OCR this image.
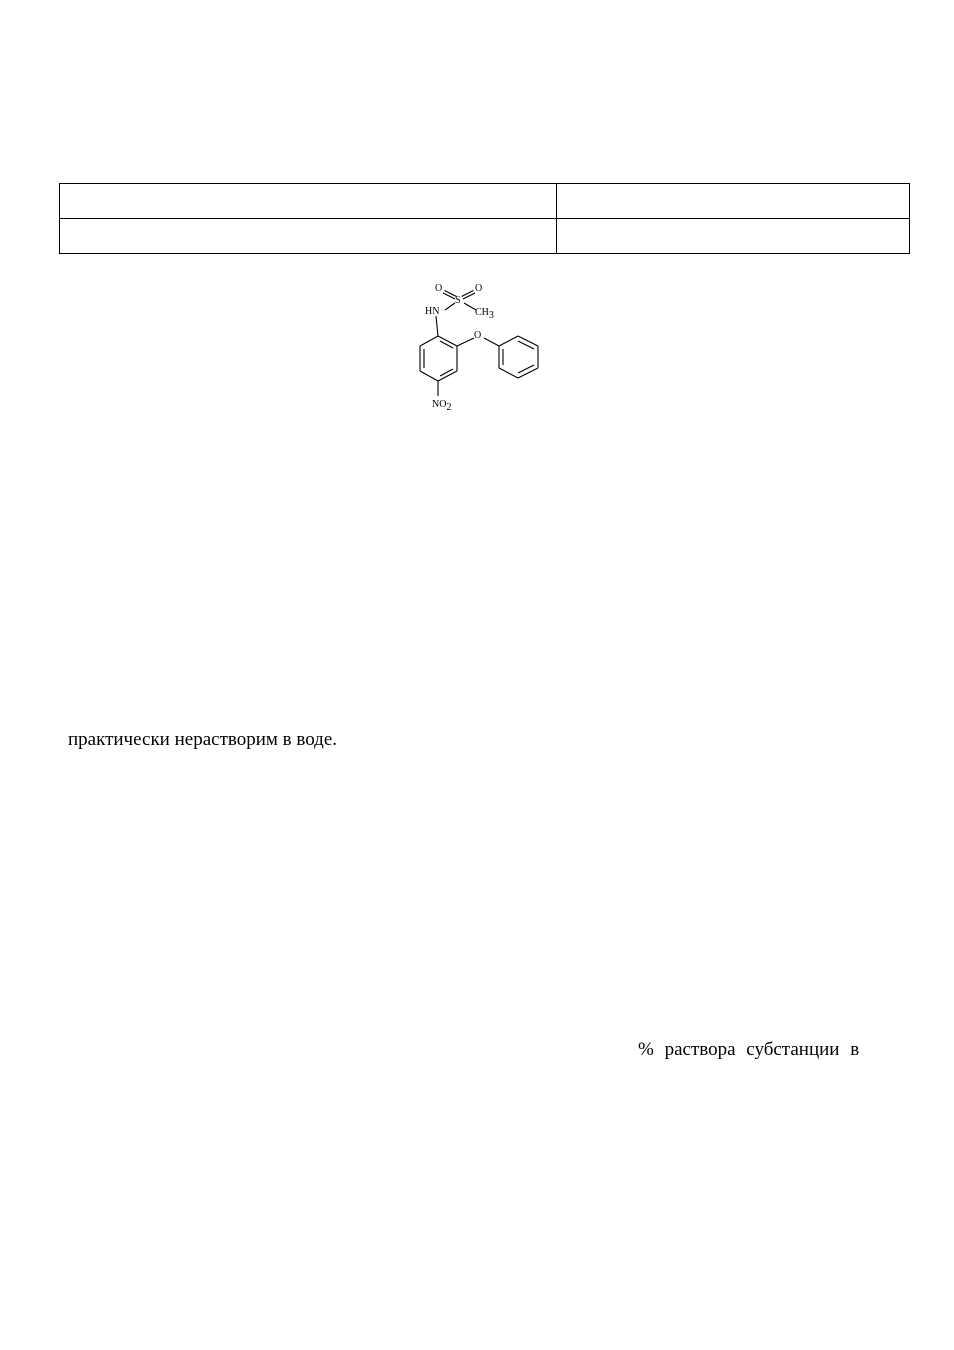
O	O
S
HN	CH3
O
NO2
практически нерастворим в воде.
% раствора субстанции в
